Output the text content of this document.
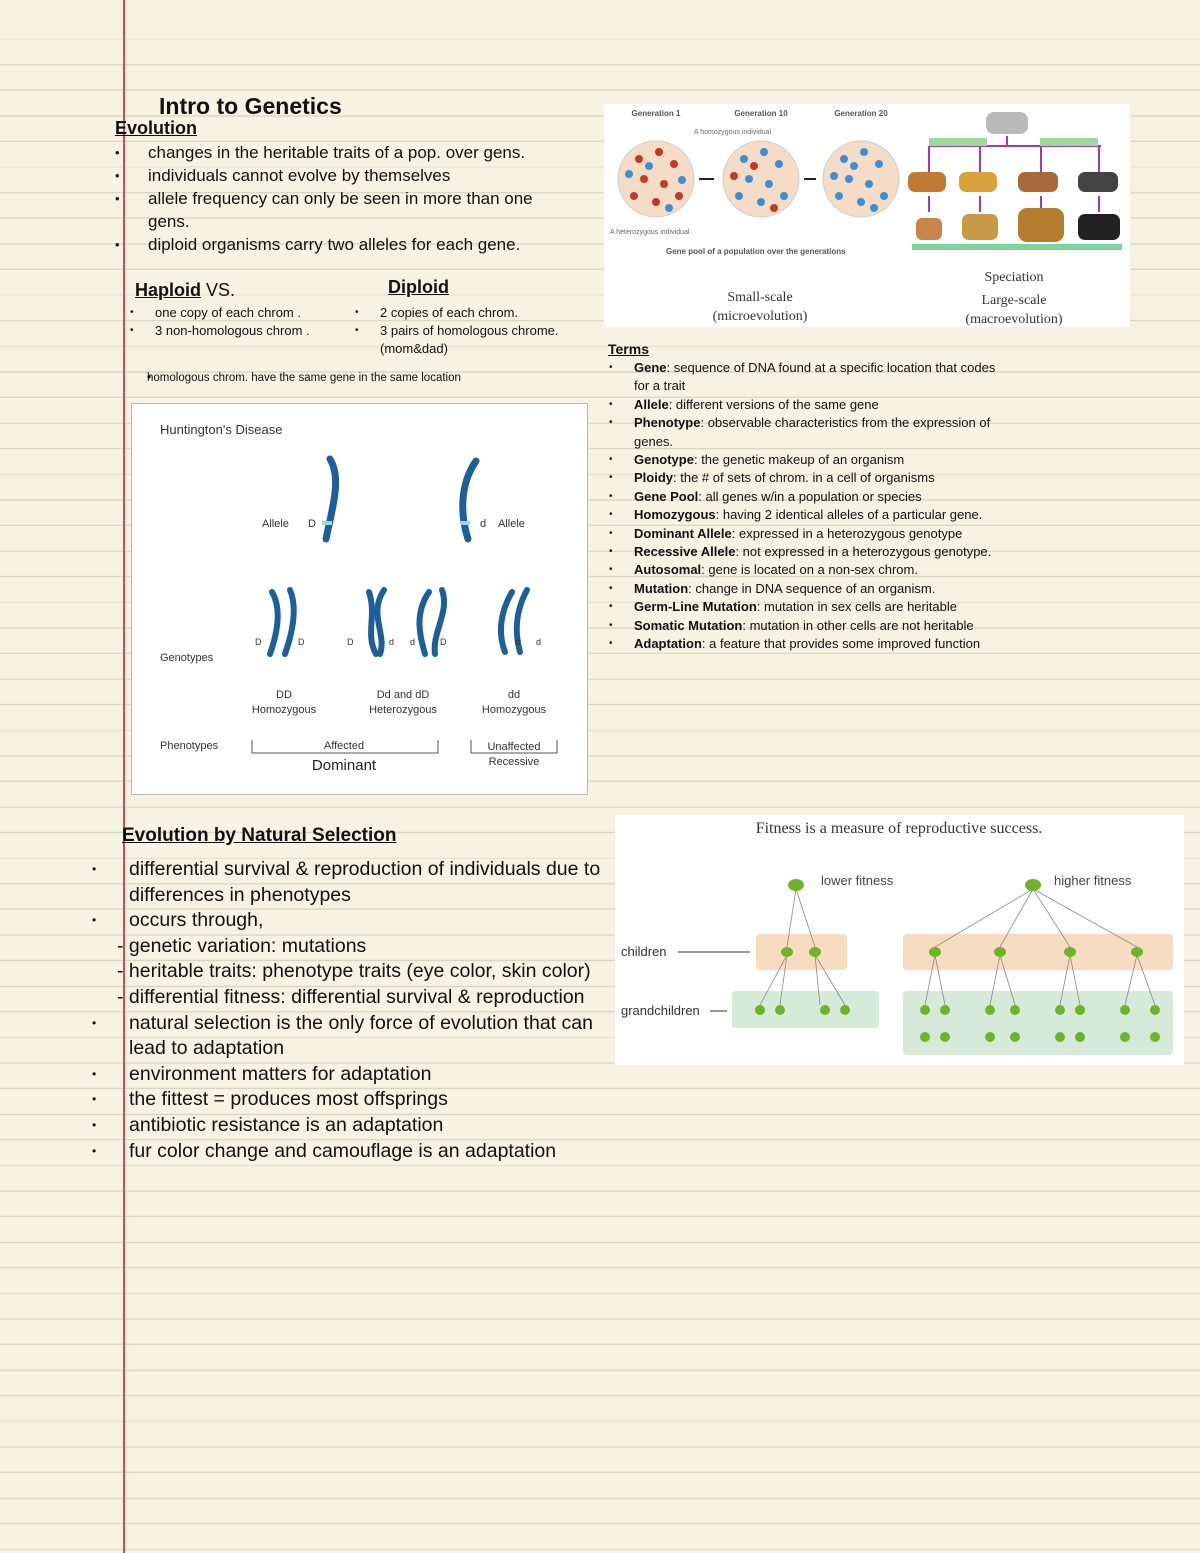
Intro to Genetics
Evolution
• changes in the heritable traits of a pop. over gens.
• individuals cannot evolve by themselves
• allele frequency can only be seen in more than one gens.
• diploid organisms carry two alleles for each gene.
Haploid VS.
• one copy of each chrom .
• 3 non-homologous chrom .
Diploid
• 2 copies of each chrom.
• 3 pairs of homologous chrome. (mom&dad)
• homologous chrom. have the same gene in the same location
Huntington's Disease
Allele D	d Allele
D	D	D	d d	D	d d
Genotypes
DD
Homozygous
Dd and dD
Heterozygous
dd
Homozygous
Phenotypes	Affected
Dominant
Unaffected
Recessive
Generation 1	Generation 10	Generation 20
A homozygous individual
A heterozygous individual
Gene pool of a population over the generations
Small-scale
(microevolution)
Speciation
Large-scale
(macroevolution)
Terms
• Gene: sequence of DNA found at a specific location that codes for a trait
• Allele: different versions of the same gene
• Phenotype: observable characteristics from the expression of genes.
• Genotype: the genetic makeup of an organism
• Ploidy: the # of sets of chrom. in a cell of organisms
• Gene Pool: all genes w/in a population or species
• Homozygous: having 2 identical alleles of a particular gene.
• Dominant Allele: expressed in a heterozygous genotype
• Recessive Allele: not expressed in a heterozygous genotype.
• Autosomal: gene is located on a non-sex chrom.
• Mutation: change in DNA sequence of an organism.
• Germ-Line Mutation: mutation in sex cells are heritable
• Somatic Mutation: mutation in other cells are not heritable
• Adaptation: a feature that provides some improved function
Fitness is a measure of reproductive success.
children
grandchildren
lower fitness	higher fitness
Evolution by Natural Selection
• differential survival & reproduction of individuals due to differences in phenotypes
• occurs through,
- genetic variation: mutations
- heritable traits: phenotype traits (eye color, skin color)
- differential fitness: differential survival & reproduction
• natural selection is the only force of evolution that can lead to adaptation
• environment matters for adaptation
• the fittest = produces most offsprings
• antibiotic resistance is an adaptation
• fur color change and camouflage is an adaptation
